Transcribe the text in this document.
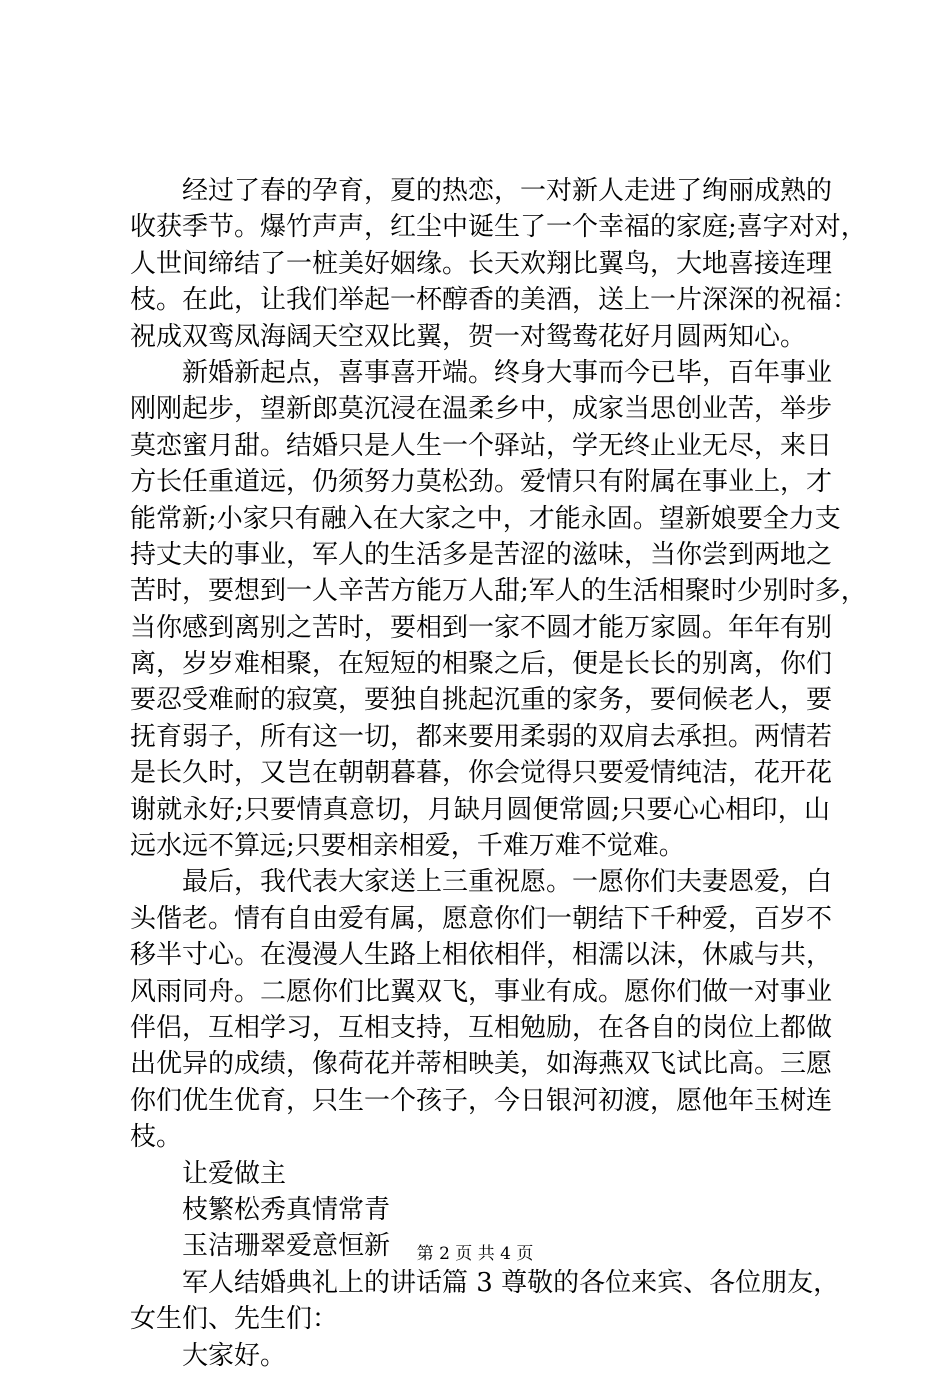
经过了春的孕育，夏的热恋，一对新人走进了绚丽成熟的
收获季节。爆竹声声，红尘中诞生了一个幸福的家庭;喜字对对，
人世间缔结了一桩美好姻缘。长天欢翔比翼鸟，大地喜接连理
枝。在此，让我们举起一杯醇香的美酒，送上一片深深的祝福：
祝成双鸾凤海阔天空双比翼，贺一对鸳鸯花好月圆两知心。
新婚新起点，喜事喜开端。终身大事而今已毕，百年事业
刚刚起步，望新郎莫沉浸在温柔乡中，成家当思创业苦，举步
莫恋蜜月甜。结婚只是人生一个驿站，学无终止业无尽，来日
方长任重道远，仍须努力莫松劲。爱情只有附属在事业上，才
能常新;小家只有融入在大家之中，才能永固。望新娘要全力支
持丈夫的事业，军人的生活多是苦涩的滋味，当你尝到两地之
苦时，要想到一人辛苦方能万人甜;军人的生活相聚时少别时多，
当你感到离别之苦时，要相到一家不圆才能万家圆。年年有别
离，岁岁难相聚，在短短的相聚之后，便是长长的别离，你们
要忍受难耐的寂寞，要独自挑起沉重的家务，要伺候老人，要
抚育弱子，所有这一切，都来要用柔弱的双肩去承担。两情若
是长久时，又岂在朝朝暮暮，你会觉得只要爱情纯洁，花开花
谢就永好;只要情真意切，月缺月圆便常圆;只要心心相印，山
远水远不算远;只要相亲相爱，千难万难不觉难。
最后，我代表大家送上三重祝愿。一愿你们夫妻恩爱，白
头偕老。情有自由爱有属，愿意你们一朝结下千种爱，百岁不
移半寸心。在漫漫人生路上相依相伴，相濡以沫，休戚与共，
风雨同舟。二愿你们比翼双飞，事业有成。愿你们做一对事业
伴侣，互相学习，互相支持，互相勉励，在各自的岗位上都做
出优异的成绩，像荷花并蒂相映美，如海燕双飞试比高。三愿
你们优生优育，只生一个孩子，今日银河初渡，愿他年玉树连
枝。
让爱做主
枝繁松秀真情常青
玉洁珊翠爱意恒新
军人结婚典礼上的讲话篇 3 尊敬的各位来宾、各位朋友，
女生们、先生们：
大家好。
第 2 页 共 4 页
